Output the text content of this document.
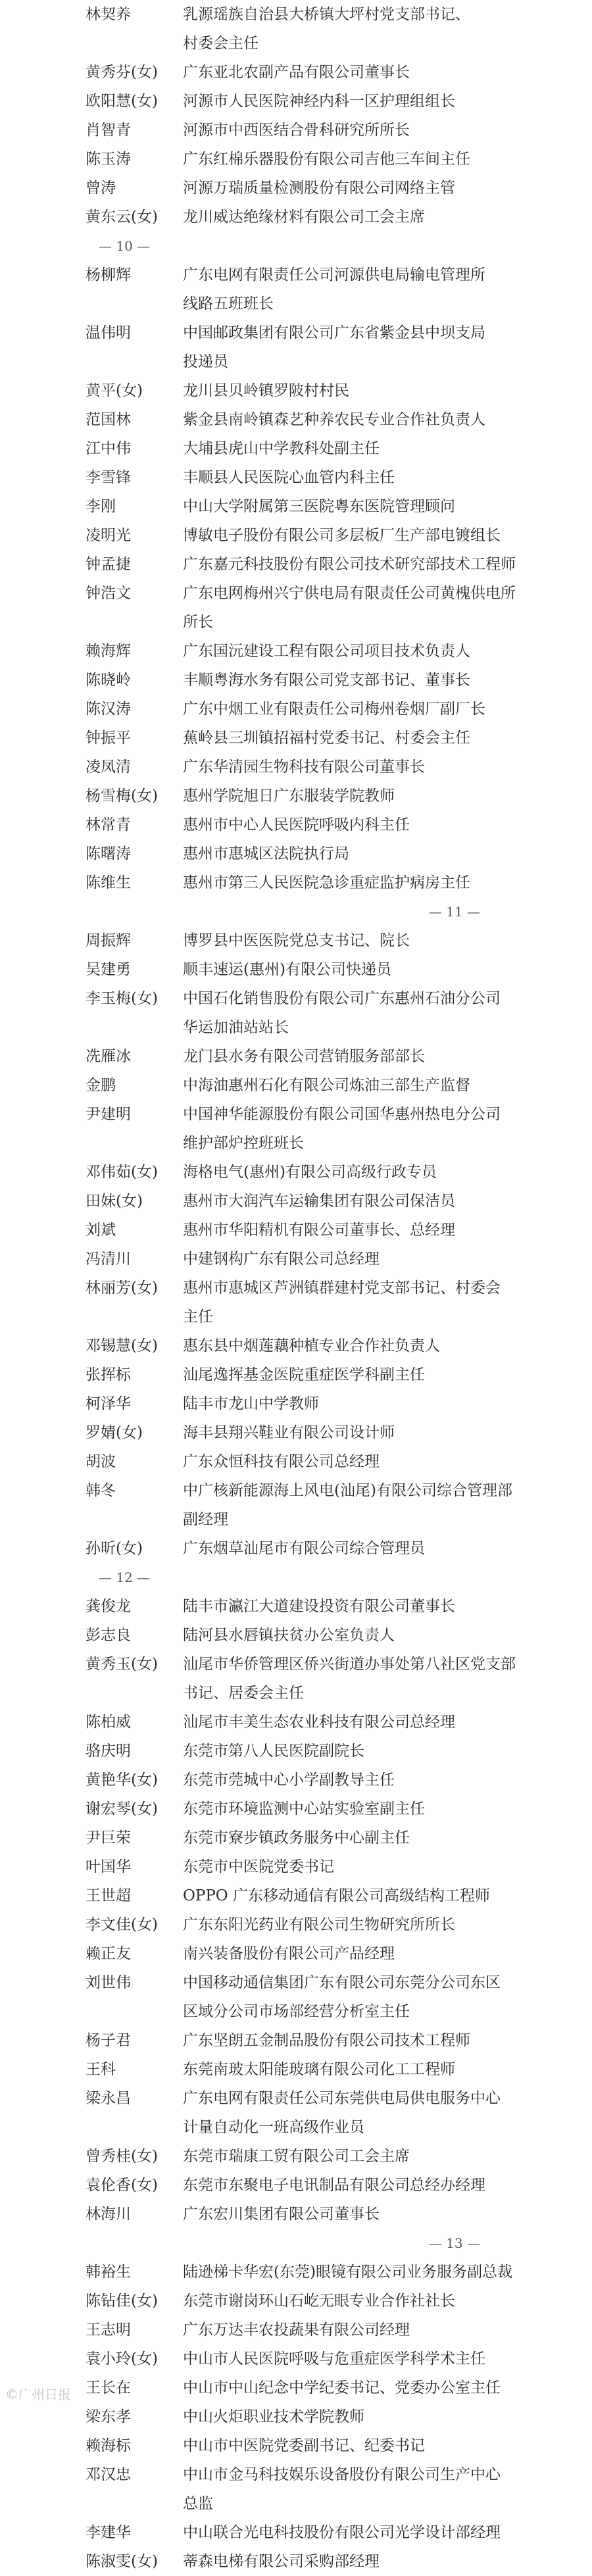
林契养	乳源瑶族自治县大桥镇大坪村党支部书记、
村委会主任
黄秀芬(女)	广东亚北农副产品有限公司董事长
欧阳慧(女)	河源市人民医院神经内科一区护理组组长
肖智青	河源市中西医结合骨科研究所所长
陈玉涛	广东红棉乐器股份有限公司吉他三车间主任
曾涛	河源万瑞质量检测股份有限公司网络主管
黄东云(女)	龙川威达绝缘材料有限公司工会主席
— 10 —
杨柳辉	广东电网有限责任公司河源供电局输电管理所
线路五班班长
温伟明	中国邮政集团有限公司广东省紫金县中坝支局
投递员
黄平(女)	龙川县贝岭镇罗陂村村民
范国林	紫金县南岭镇森艺种养农民专业合作社负责人
江中伟	大埔县虎山中学教科处副主任
李雪锋	丰顺县人民医院心血管内科主任
李刚	中山大学附属第三医院粤东医院管理顾问
凌明光	博敏电子股份有限公司多层板厂生产部电镀组长
钟孟捷	广东嘉元科技股份有限公司技术研究部技术工程师
钟浩文	广东电网梅州兴宁供电局有限责任公司黄槐供电所
所长
赖海辉	广东国沅建设工程有限公司项目技术负责人
陈晓岭	丰顺粤海水务有限公司党支部书记、董事长
陈汉涛	广东中烟工业有限责任公司梅州卷烟厂副厂长
钟振平	蕉岭县三圳镇招福村党委书记、村委会主任
凌凤清	广东华清园生物科技有限公司董事长
杨雪梅(女)	惠州学院旭日广东服装学院教师
林常青	惠州市中心人民医院呼吸内科主任
陈曙涛	惠州市惠城区法院执行局
陈维生	惠州市第三人民医院急诊重症监护病房主任
— 11 —
周振辉	博罗县中医医院党总支书记、院长
吴建勇	顺丰速运(惠州)有限公司快递员
李玉梅(女)	中国石化销售股份有限公司广东惠州石油分公司
华运加油站站长
冼雁冰	龙门县水务有限公司营销服务部部长
金鹏	中海油惠州石化有限公司炼油三部生产监督
尹建明	中国神华能源股份有限公司国华惠州热电分公司
维护部炉控班班长
邓伟茹(女)	海格电气(惠州)有限公司高级行政专员
田妹(女)	惠州市大润汽车运输集团有限公司保洁员
刘斌	惠州市华阳精机有限公司董事长、总经理
冯清川	中建钢构广东有限公司总经理
林丽芳(女)	惠州市惠城区芦洲镇群建村党支部书记、村委会
主任
邓锡慧(女)	惠东县中烟莲藕种植专业合作社负责人
张挥标	汕尾逸挥基金医院重症医学科副主任
柯泽华	陆丰市龙山中学教师
罗婧(女)	海丰县翔兴鞋业有限公司设计师
胡波	广东众恒科技有限公司总经理
韩冬	中广核新能源海上风电(汕尾)有限公司综合管理部
副经理
孙昕(女)	广东烟草汕尾市有限公司综合管理员
— 12 —
龚俊龙	陆丰市瀛江大道建设投资有限公司董事长
彭志良	陆河县水唇镇扶贫办公室负责人
黄秀玉(女)	汕尾市华侨管理区侨兴街道办事处第八社区党支部
书记、居委会主任
陈柏威	汕尾市丰美生态农业科技有限公司总经理
骆庆明	东莞市第八人民医院副院长
黄艳华(女)	东莞市莞城中心小学副教导主任
谢宏琴(女)	东莞市环境监测中心站实验室副主任
尹巨荣	东莞市寮步镇政务服务中心副主任
叶国华	东莞市中医院党委书记
王世超	OPPO 广东移动通信有限公司高级结构工程师
李文佳(女)	广东东阳光药业有限公司生物研究所所长
赖正友	南兴装备股份有限公司产品经理
刘世伟	中国移动通信集团广东有限公司东莞分公司东区
区域分公司市场部经营分析室主任
杨子君	广东坚朗五金制品股份有限公司技术工程师
王科	东莞南玻太阳能玻璃有限公司化工工程师
梁永昌	广东电网有限责任公司东莞供电局供电服务中心
计量自动化一班高级作业员
曾秀桂(女)	东莞市瑞康工贸有限公司工会主席
袁伦香(女)	东莞市东聚电子电讯制品有限公司总经办经理
林海川	广东宏川集团有限公司董事长
— 13 —
韩裕生	陆逊梯卡华宏(东莞)眼镜有限公司业务服务副总裁
陈钻佳(女)	东莞市谢岗环山石屹无眼专业合作社社长
王志明	广东万达丰农投蔬果有限公司经理
袁小玲(女)	中山市人民医院呼吸与危重症医学科学术主任
王长在	中山市中山纪念中学纪委书记、党委办公室主任
梁东孝	中山火炬职业技术学院教师
赖海标	中山市中医院党委副书记、纪委书记
邓汉忠	中山市金马科技娱乐设备股份有限公司生产中心
总监
李建华	中山联合光电科技股份有限公司光学设计部经理
陈淑雯(女)	蒂森电梯有限公司采购部经理
©广州日报
